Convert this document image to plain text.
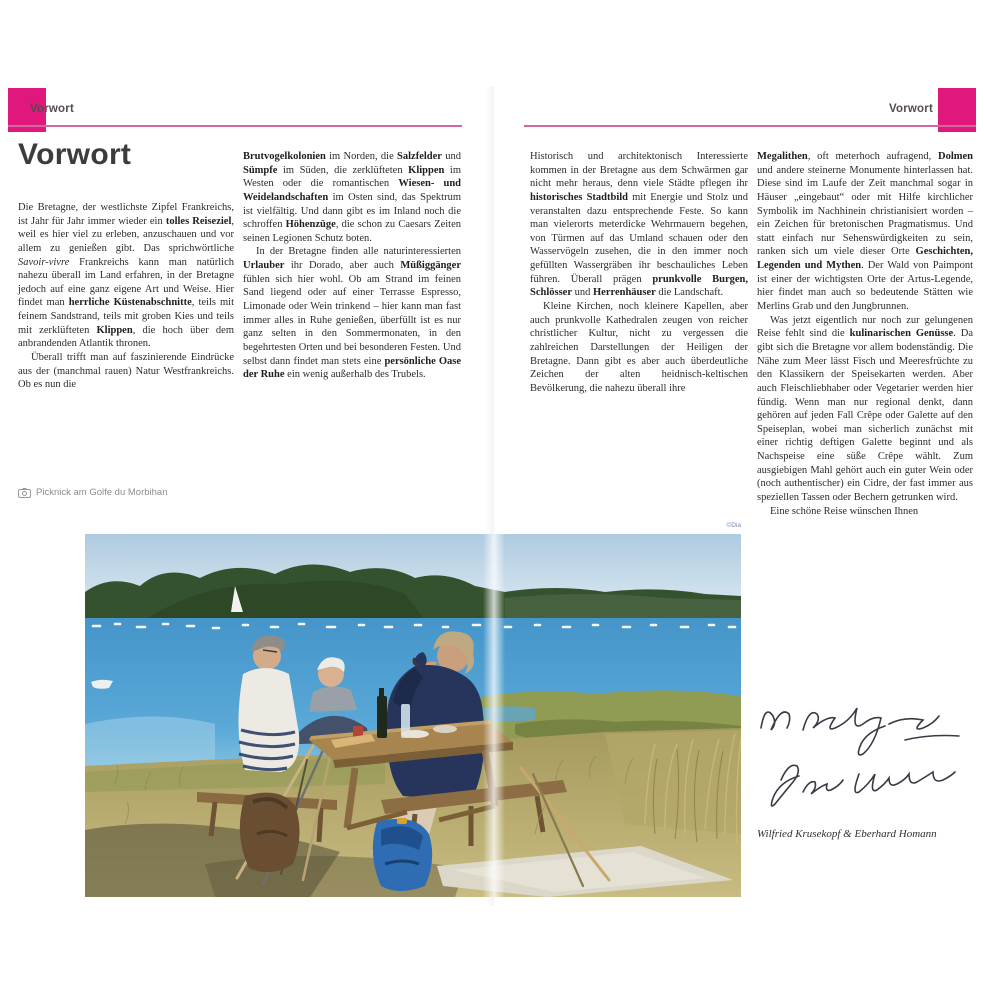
Vorwort	Vorwort
Vorwort

Die Bretagne, der westlichste Zipfel Frankreichs, ist Jahr für Jahr immer wieder ein tolles Reiseziel, weil es hier viel zu erleben, anzuschauen und vor allem zu genießen gibt. Das sprichwörtliche Savoir-vivre Frankreichs kann man natürlich nahezu überall im Land erfahren, in der Bretagne jedoch auf eine ganz eigene Art und Weise. Hier findet man herrliche Küstenabschnitte, teils mit feinem Sandstrand, teils mit groben Kies und teils mit zerklüfteten Klippen, die hoch über dem anbrandenden Atlantik thronen.

Überall trifft man auf faszinierende Eindrücke aus der (manchmal rauen) Natur Westfrankreichs. Ob es nun die

Brutvogelkolonien im Norden, die Salzfelder und Sümpfe im Süden, die zerklüfteten Klippen im Westen oder die romantischen Wiesen- und Weidelandschaften im Osten sind, das Spektrum ist vielfältig. Und dann gibt es im Inland noch die schroffen Höhenzüge, die schon zu Caesars Zeiten seinen Legionen Schutz boten.

In der Bretagne finden alle naturinteressierten Urlauber ihr Dorado, aber auch Müßiggänger fühlen sich hier wohl. Ob am Strand im feinen Sand liegend oder auf einer Terrasse Espresso, Limonade oder Wein trinkend – hier kann man fast immer alles in Ruhe genießen, überfüllt ist es nur ganz selten in den Sommermonaten, in den begehrtesten Orten und bei besonderen Festen. Und selbst dann findet man stets eine persönliche Oase der Ruhe ein wenig außerhalb des Trubels.

Picknick am Golfe du Morbihan
©Dia

Historisch und architektonisch Interessierte kommen in der Bretagne aus dem Schwärmen gar nicht mehr heraus, denn viele Städte pflegen ihr historisches Stadtbild mit Energie und Stolz und veranstalten dazu entsprechende Feste. So kann man vielerorts meterdicke Wehrmauern begehen, von Türmen auf das Umland schauen oder den Wasservögeln zusehen, die in den immer noch gefüllten Wassergräben ihr beschauliches Leben führen. Überall prägen prunkvolle Burgen, Schlösser und Herrenhäuser die Landschaft.

Kleine Kirchen, noch kleinere Kapellen, aber auch prunkvolle Kathedralen zeugen von reicher christlicher Kultur, nicht zu vergessen die zahlreichen Darstellungen der Heiligen der Bretagne. Dann gibt es aber auch überdeutliche Zeichen der alten heidnisch-keltischen Bevölkerung, die nahezu überall ihre

Megalithen, oft meterhoch aufragend, Dolmen und andere steinerne Monumente hinterlassen hat. Diese sind im Laufe der Zeit manchmal sogar in Häuser „eingebaut“ oder mit Hilfe kirchlicher Symbolik im Nachhinein christianisiert worden – ein Zeichen für bretonischen Pragmatismus. Und statt einfach nur Sehenswürdigkeiten zu sein, ranken sich um viele dieser Orte Geschichten, Legenden und Mythen. Der Wald von Paimpont ist einer der wichtigsten Orte der Artus-Legende, hier findet man auch so bedeutende Stätten wie Merlins Grab und den Jungbrunnen.

Was jetzt eigentlich nur noch zur gelungenen Reise fehlt sind die kulinarischen Genüsse. Da gibt sich die Bretagne vor allem bodenständig. Die Nähe zum Meer lässt Fisch und Meeresfrüchte zu den Klassikern der Speisekarten werden. Aber auch Fleischliebhaber oder Vegetarier werden hier fündig. Wenn man nur regional denkt, dann gehören auf jeden Fall Crêpe oder Galette auf den Speiseplan, wobei man sicherlich zunächst mit einer richtig deftigen Galette beginnt und als Nachspeise eine süße Crêpe wählt. Zum ausgiebigen Mahl gehört auch ein guter Wein oder (noch authentischer) ein Cidre, der fast immer aus speziellen Tassen oder Bechern getrunken wird.

Eine schöne Reise wünschen Ihnen

Wilfried Krusekopf & Eberhard Homann
